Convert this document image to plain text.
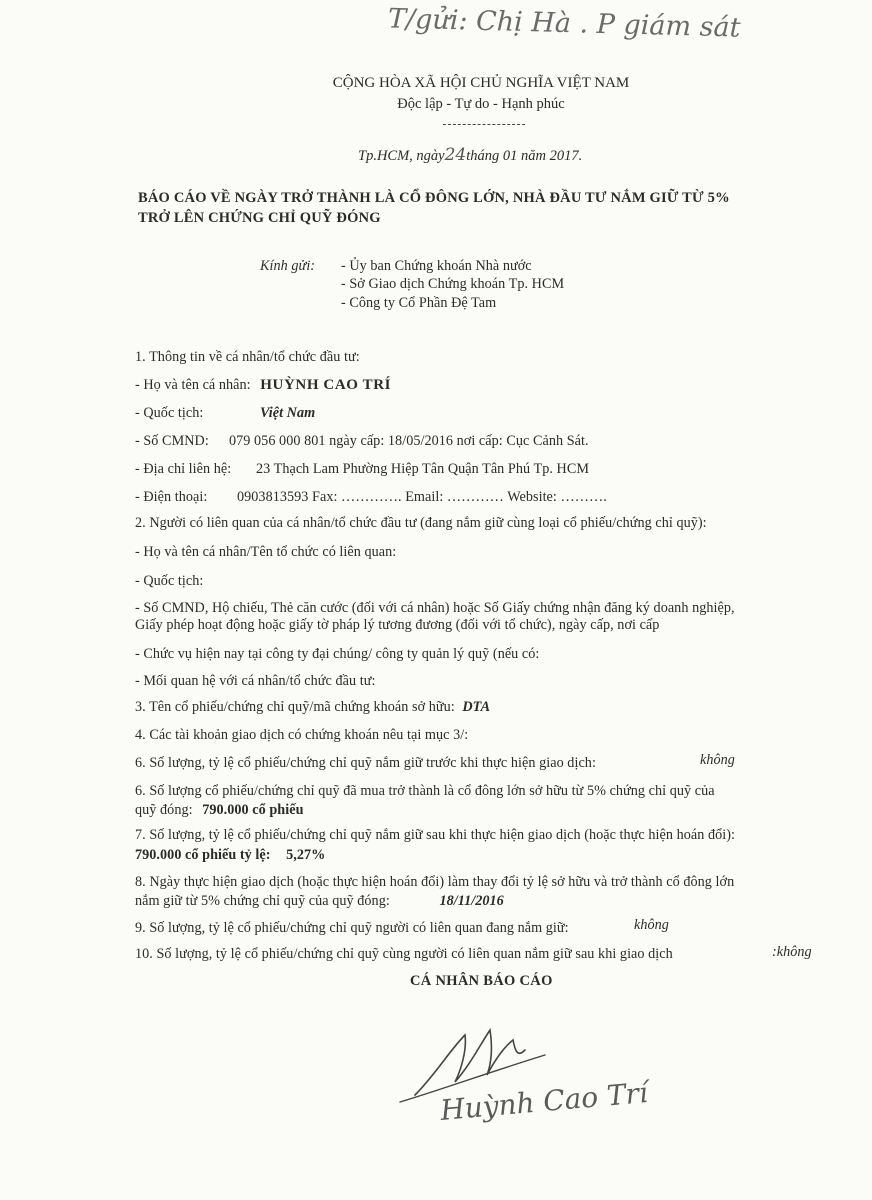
T/gửi: Chị Hà . P giám sát
CỘNG HÒA XÃ HỘI CHỦ NGHĨA VIỆT NAM
Độc lập - Tự do - Hạnh phúc
Tp.HCM, ngày24tháng 01 năm 2017.
BÁO CÁO VỀ NGÀY TRỞ THÀNH LÀ CỔ ĐÔNG LỚN, NHÀ ĐẦU TƯ NẮM GIỮ TỪ 5%
TRỞ LÊN CHỨNG CHỈ QUỸ ĐÓNG
Kính gửi: - Ủy ban Chứng khoán Nhà nước
- Sở Giao dịch Chứng khoán Tp. HCM
- Công ty Cổ Phần Đệ Tam
1. Thông tin về cá nhân/tổ chức đầu tư:
- Họ và tên cá nhân: HUỲNH CAO TRÍ
- Quốc tịch:	Việt Nam
- Số CMND: 079 056 000 801 ngày cấp: 18/05/2016 nơi cấp: Cục Cảnh Sát.
- Địa chỉ liên hệ: 23 Thạch Lam Phường Hiệp Tân Quận Tân Phú Tp. HCM
- Điện thoại: 0903813593 Fax: …………. Email: ………… Website: ……….
2. Người có liên quan của cá nhân/tổ chức đầu tư (đang nắm giữ cùng loại cổ phiếu/chứng chỉ quỹ):
- Họ và tên cá nhân/Tên tổ chức có liên quan:
- Quốc tịch:
- Số CMND, Hộ chiếu, Thẻ căn cước (đối với cá nhân) hoặc Số Giấy chứng nhận đăng ký doanh nghiệp,
Giấy phép hoạt động hoặc giấy tờ pháp lý tương đương (đối với tổ chức), ngày cấp, nơi cấp
- Chức vụ hiện nay tại công ty đại chúng/ công ty quản lý quỹ (nếu có:
- Mối quan hệ với cá nhân/tổ chức đầu tư:
3. Tên cổ phiếu/chứng chỉ quỹ/mã chứng khoán sở hữu: DTA
4. Các tài khoản giao dịch có chứng khoán nêu tại mục 3/:
6. Số lượng, tỷ lệ cổ phiếu/chứng chỉ quỹ nắm giữ trước khi thực hiện giao dịch:	không
6. Số lượng cổ phiếu/chứng chỉ quỹ đã mua trở thành là cổ đông lớn sở hữu từ 5% chứng chỉ quỹ của
quỹ đóng: 790.000 cổ phiếu
7. Số lượng, tỷ lệ cổ phiếu/chứng chỉ quỹ nắm giữ sau khi thực hiện giao dịch (hoặc thực hiện hoán đổi):
790.000 cổ phiếu tỷ lệ: 5,27%
8. Ngày thực hiện giao dịch (hoặc thực hiện hoán đổi) làm thay đổi tỷ lệ sở hữu và trở thành cổ đông lớn
nắm giữ từ 5% chứng chỉ quỹ của quỹ đóng:	18/11/2016
9. Số lượng, tỷ lệ cổ phiếu/chứng chỉ quỹ người có liên quan đang nắm giữ:	không
10. Số lượng, tỷ lệ cổ phiếu/chứng chỉ quỹ cùng người có liên quan nắm giữ sau khi giao dịch	:không
CÁ NHÂN BÁO CÁO
Huỳnh Cao Trí
